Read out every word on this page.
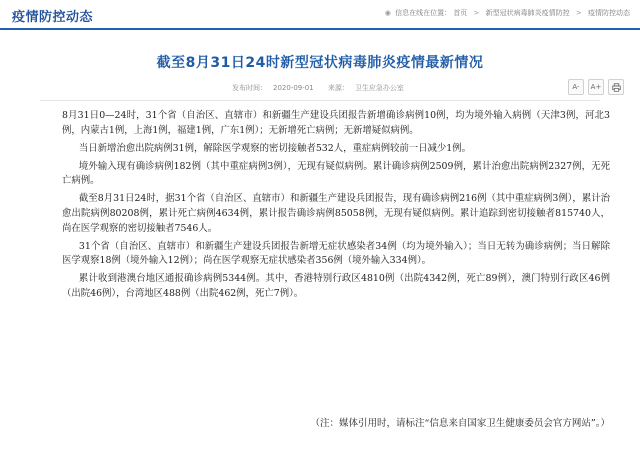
疫情防控动态	◉ 信息在线在位置： 首页 > 新型冠状病毒肺炎疫情防控 > 疫情防控动态
截至8月31日24时新型冠状病毒肺炎疫情最新情况
发布时间： 2020-09-01 来源： 卫生应急办公室	A-	A+

8月31日0—24时，31个省（自治区、直辖市）和新疆生产建设兵团报告新增确诊病例10例，均为境外输入病例（天津3例，河北3例，内蒙古1例，上海1例，福建1例，广东1例）；无新增死亡病例；无新增疑似病例。

当日新增治愈出院病例31例，解除医学观察的密切接触者532人，重症病例较前一日减少1例。

境外输入现有确诊病例182例（其中重症病例3例），无现有疑似病例。累计确诊病例2509例，累计治愈出院病例2327例，无死亡病例。

截至8月31日24时，据31个省（自治区、直辖市）和新疆生产建设兵团报告，现有确诊病例216例（其中重症病例3例），累计治愈出院病例80208例，累计死亡病例4634例，累计报告确诊病例85058例，无现有疑似病例。累计追踪到密切接触者815740人，尚在医学观察的密切接触者7546人。

31个省（自治区、直辖市）和新疆生产建设兵团报告新增无症状感染者34例（均为境外输入）；当日无转为确诊病例；当日解除医学观察18例（境外输入12例）；尚在医学观察无症状感染者356例（境外输入334例）。

累计收到港澳台地区通报确诊病例5344例。其中，香港特别行政区4810例（出院4342例，死亡89例），澳门特别行政区46例（出院46例），台湾地区488例（出院462例，死亡7例）。

（注：媒体引用时，请标注“信息来自国家卫生健康委员会官方网站”。）
